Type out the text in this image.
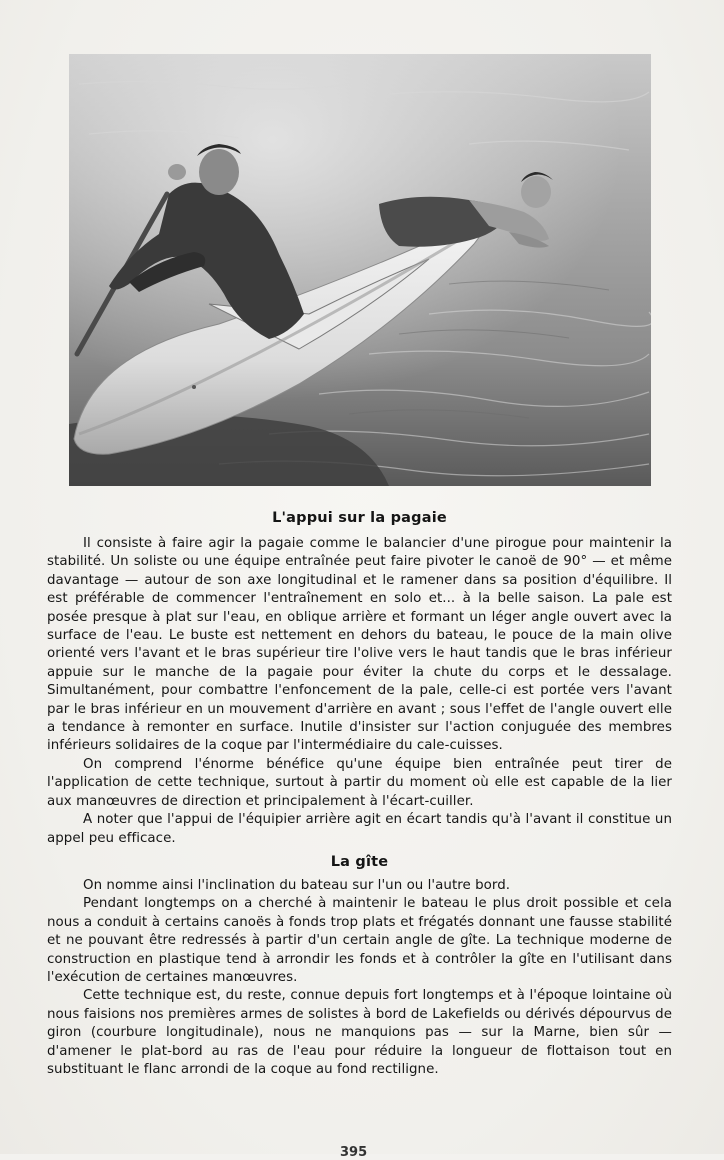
L'appui sur la pagaie

Il consiste à faire agir la pagaie comme le balancier d'une pirogue pour maintenir la stabilité. Un soliste ou une équipe entraînée peut faire pivoter le canoë de 90° — et même davantage — autour de son axe longitudinal et le ramener dans sa position d'équilibre. Il est préférable de commencer l'entraînement en solo et... à la belle saison. La pale est posée presque à plat sur l'eau, en oblique arrière et formant un léger angle ouvert avec la surface de l'eau. Le buste est nettement en dehors du bateau, le pouce de la main olive orienté vers l'avant et le bras supérieur tire l'olive vers le haut tandis que le bras inférieur appuie sur le manche de la pagaie pour éviter la chute du corps et le dessalage. Simultanément, pour combattre l'enfoncement de la pale, celle-ci est portée vers l'avant par le bras inférieur en un mouvement d'arrière en avant ; sous l'effet de l'angle ouvert elle a tendance à remonter en surface. Inutile d'insister sur l'action conjuguée des membres inférieurs solidaires de la coque par l'intermédiaire du cale-cuisses.

On comprend l'énorme bénéfice qu'une équipe bien entraînée peut tirer de l'application de cette technique, surtout à partir du moment où elle est capable de la lier aux manœuvres de direction et principalement à l'écart-cuiller.

A noter que l'appui de l'équipier arrière agit en écart tandis qu'à l'avant il constitue un appel peu efficace.

La gîte

On nomme ainsi l'inclination du bateau sur l'un ou l'autre bord.

Pendant longtemps on a cherché à maintenir le bateau le plus droit possible et cela nous a conduit à certains canoës à fonds trop plats et frégatés donnant une fausse stabilité et ne pouvant être redressés à partir d'un certain angle de gîte. La technique moderne de construction en plastique tend à arrondir les fonds et à contrôler la gîte en l'utilisant dans l'exécution de certaines manœuvres.

Cette technique est, du reste, connue depuis fort longtemps et à l'époque lointaine où nous faisions nos premières armes de solistes à bord de Lakefields ou dérivés dépourvus de giron (courbure longitudinale), nous ne manquions pas — sur la Marne, bien sûr — d'amener le plat-bord au ras de l'eau pour réduire la longueur de flottaison tout en substituant le flanc arrondi de la coque au fond rectiligne.

395
